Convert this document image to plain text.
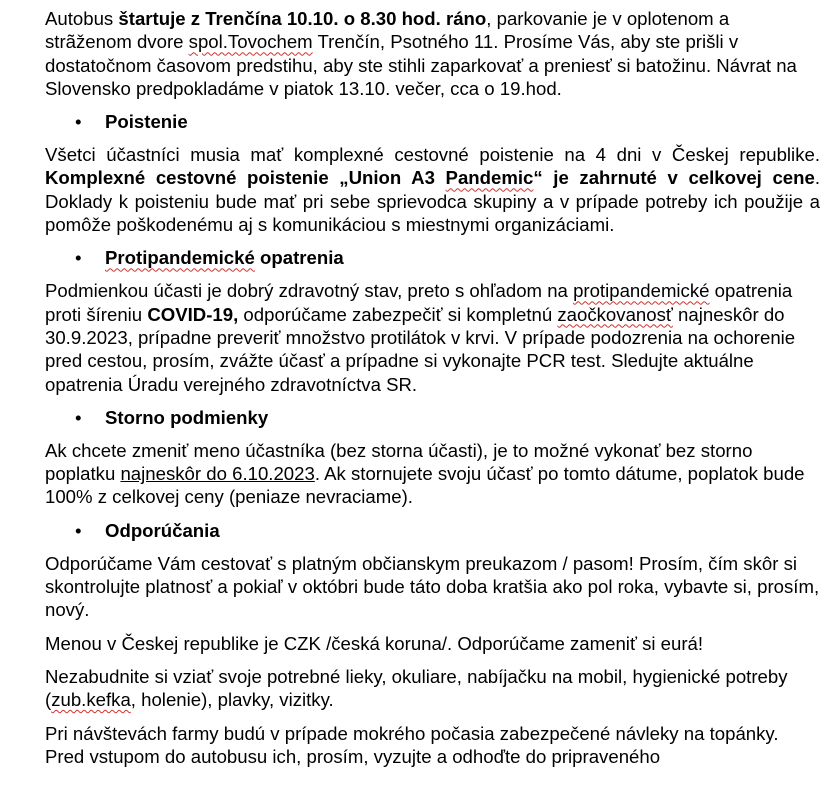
Autobus štartuje z Trenčína 10.10. o 8.30 hod. ráno, parkovanie je v oplotenom a strãženom dvore spol.Tovochem Trenčín, Psotného 11. Prosíme Vás, aby ste prišli v dostatočnom časovom predstihu, aby ste stihli zaparkovať a preniesť si batožinu. Návrat na Slovensko predpokladáme v piatok 13.10. večer, cca o 19.hod.

• Poistenie

Všetci účastníci musia mať komplexné cestovné poistenie na 4 dni v Českej republike. Komplexné cestovné poistenie „Union A3 Pandemic“ je zahrnuté v celkovej cene. Doklady k poisteniu bude mať pri sebe sprievodca skupiny a v prípade potreby ich použije a pomôže poškodenému aj s komunikáciou s miestnymi organizáciami.

• Protipandemické opatrenia

Podmienkou účasti je dobrý zdravotný stav, preto s ohľadom na protipandemické opatrenia proti šíreniu COVID-19, odporúčame zabezpečiť si kompletnú zaočkovanosť najneskôr do 30.9.2023, prípadne preveriť množstvo protilátok v krvi. V prípade podozrenia na ochorenie pred cestou, prosím, zvážte účasť a prípadne si vykonajte PCR test. Sledujte aktuálne opatrenia Úradu verejného zdravotníctva SR.

• Storno podmienky

Ak chcete zmeniť meno účastníka (bez storna účasti), je to možné vykonať bez storno poplatku najneskôr do 6.10.2023. Ak stornujete svoju účasť po tomto dátume, poplatok bude 100% z celkovej ceny (peniaze nevraciame).

• Odporúčania

Odporúčame Vám cestovať s platným občianskym preukazom / pasom! Prosím, čím skôr si skontrolujte platnosť a pokiaľ v októbri bude táto doba kratšia ako pol roka, vybavte si, prosím, nový.

Menou v Českej republike je CZK /česká koruna/. Odporúčame zameniť si eurá!

Nezabudnite si vziať svoje potrebné lieky, okuliare, nabíjačku na mobil, hygienické potreby (zub.kefka, holenie), plavky, vizitky.

Pri návštevách farmy budú v prípade mokrého počasia zabezpečené návleky na topánky. Pred vstupom do autobusu ich, prosím, vyzujte a odhoďte do pripraveného
